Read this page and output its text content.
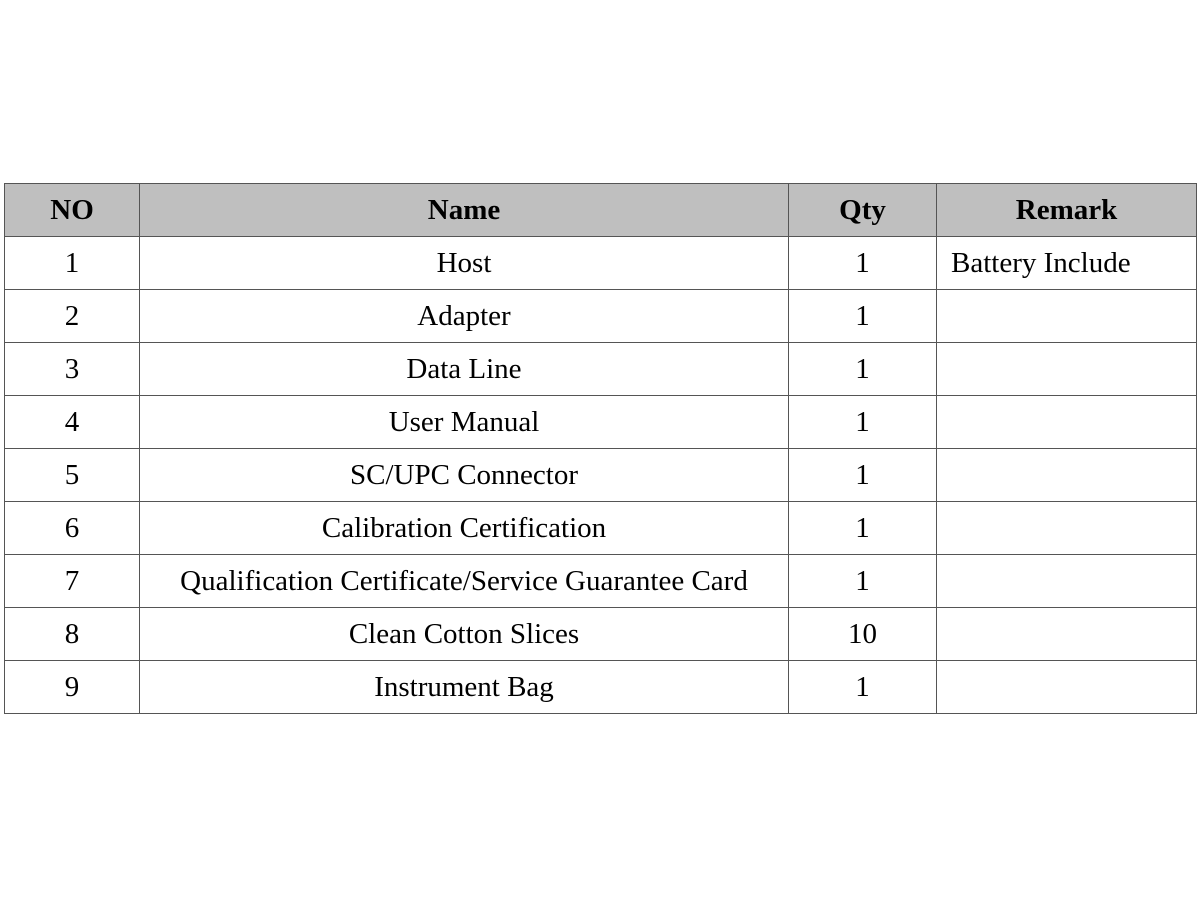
NO	Name	Qty	Remark
1	Host	1	Battery Include
2	Adapter	1	
3	Data Line	1	
4	User Manual	1	
5	SC/UPC Connector	1	
6	Calibration Certification	1	
7	Qualification Certificate/Service Guarantee Card	1	
8	Clean Cotton Slices	10	
9	Instrument Bag	1	
